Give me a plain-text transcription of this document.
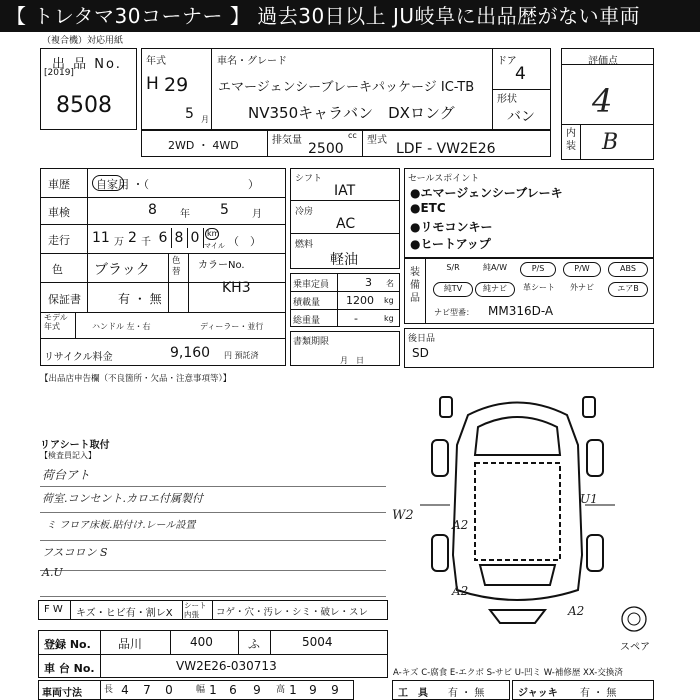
【 トレタマ30コーナー 】 過去30日以上 JU岐阜に出品歴がない車両
（複合機）対応用紙
出 品 No.
[2019]
8508
年式
H 29
5 月
車名・グレード
エマージェンシーブレーキパッケージ IC-TB
NV350キャラバン　DXロング
ドア
4
形状
バン
2WD ・ 4WD	排気量	cc
2500
型式
LDF - VW2E26
評価点
4
内装 B
車歴 自家用 ・（　　　　　　　　　）
車検	8 年 5 月
走行 11 万 2 千 6 8 0 km
マイル （　）
色 ブラック
色替
カラーNo.
KH3
保証書	有 ・ 無
モデル
年式	ハンドル 左・右	ディーラー・並行
リサイクル料金	9,160 円 預託済
シフト
IAT
冷房
AC
燃料
軽油
乗車定員	3 名
積載量 1200 kg
総重量	-	kg
書類期限
月　日
セールスポイント
●エマージェンシーブレーキ
●ETC
●リモコンキー
●ヒートアップ
装備品
S/R	純A/W	P/S	P/W	ABS
純TV	純ナビ	革シート	外ナビ	エアB
ナビ型番： MM316D-A
後日品
SD
【出品店申告欄（不良箇所・欠品・注意事項等）】
リアシート取付
【検査員記入】
荷台アト
荷室.コンセント.カロエ付属製付
ミ フロア床板.貼付け.レール設置
フスコロン S
A.U
W2
A2
U1
A2
A2
スペア
F W キズ・ヒビ有・割レX
シート
内張	コゲ・穴・汚レ・シミ・破レ・スレ
登録 No. 品川	400	ふ	5004
車 台 No.	VW2E26-030713	A-キズ C-腐食 E-エクボ S-サビ U-凹ミ W-補修歴 XX-交換済
車両寸法 長 4 7 0	幅 1 6 9	高 1 9 9	工　具 有 ・ 無	ジャッキ 有 ・ 無
